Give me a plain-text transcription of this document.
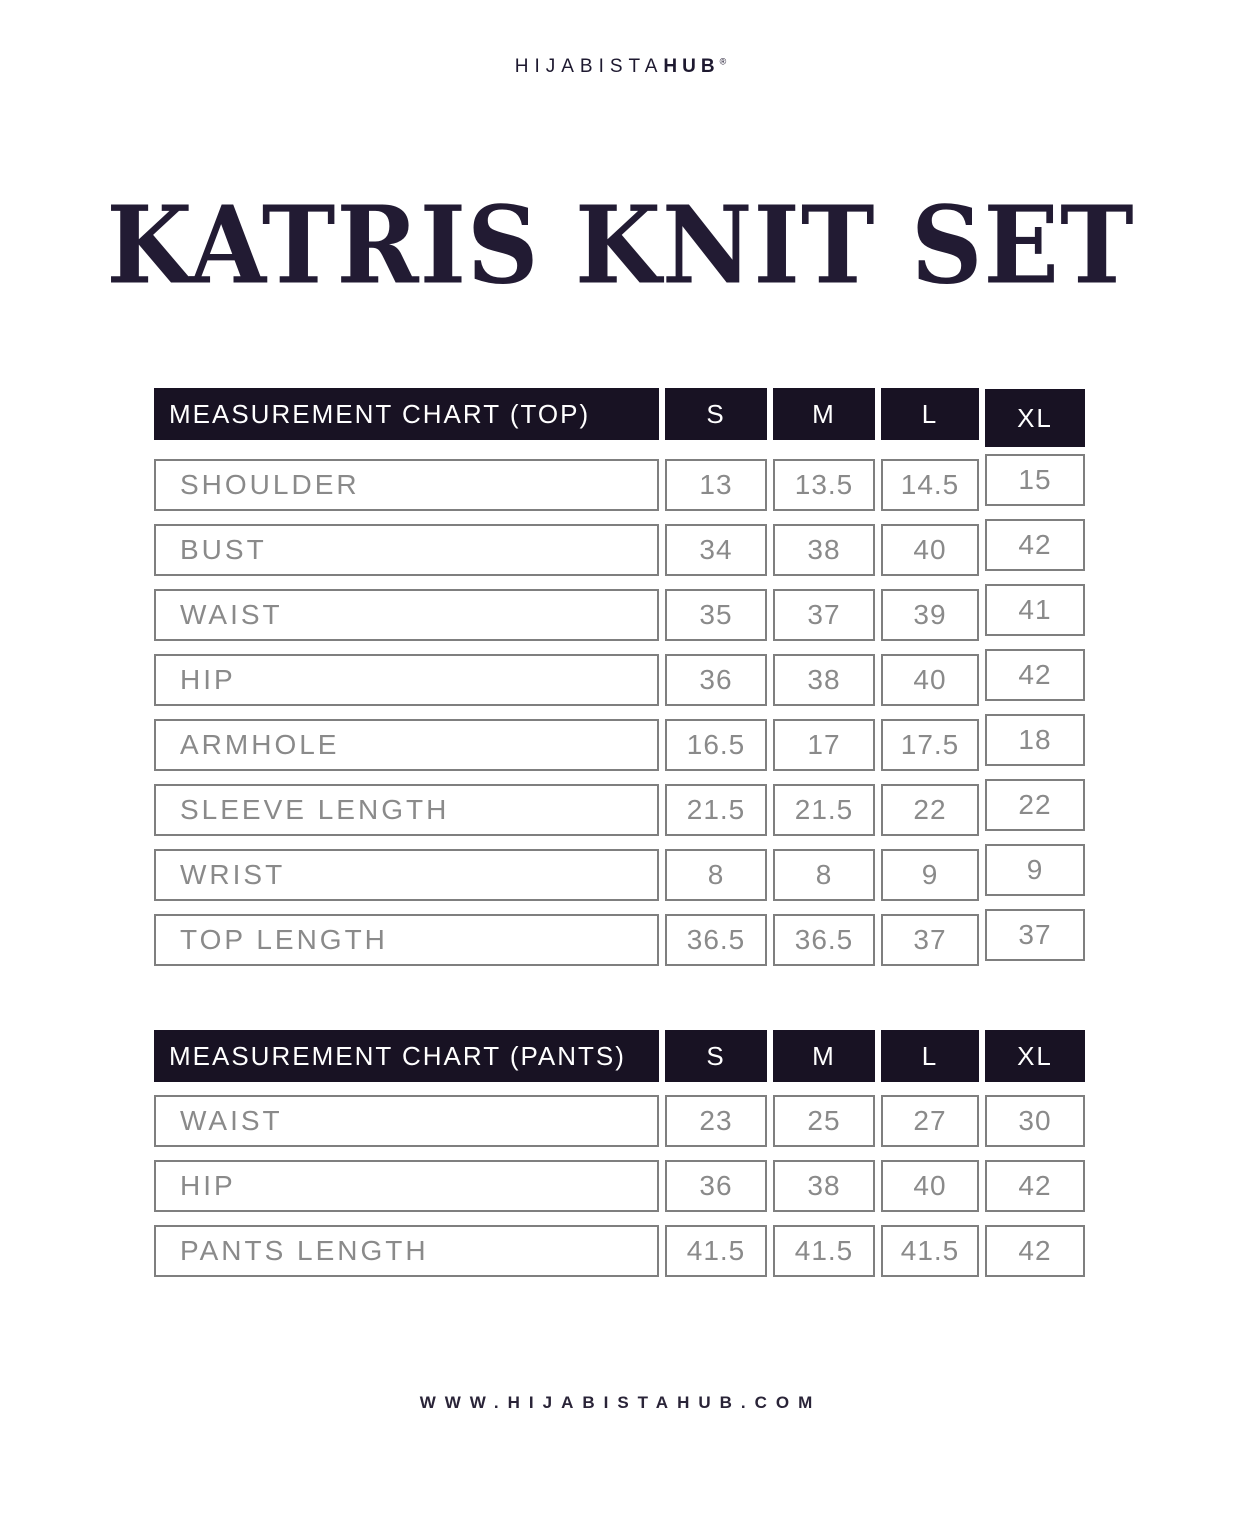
HIJABISTAHUB®
KATRIS KNIT SET
MEASUREMENT CHART (TOP)	S	M	L	XL
SHOULDER	13	13.5	14.5	15
BUST	34	38	40	42
WAIST	35	37	39	41
HIP	36	38	40	42
ARMHOLE	16.5	17	17.5	18
SLEEVE LENGTH	21.5	21.5	22	22
WRIST	8	8	9	9
TOP LENGTH	36.5	36.5	37	37
MEASUREMENT CHART (PANTS)	S	M	L	XL
WAIST	23	25	27	30
HIP	36	38	40	42
PANTS LENGTH	41.5	41.5	41.5	42
WWW.HIJABISTAHUB.COM
